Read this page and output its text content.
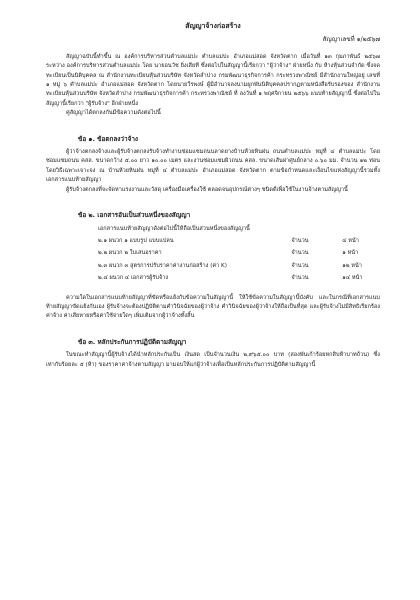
สัญญาจ้างก่อสร้าง
สัญญาเลขที่ ๑/๒๕๖๗

สัญญาฉบับนี้ทำขึ้น ณ องค์การบริหารส่วนตำบลแม่ปะ ตำบลแม่ปะ อำเภอแม่สอด จังหวัดตาก เมื่อวันที่ ๑๓ กุมภาพันธ์ ๒๕๖๗ ระหว่าง องค์การบริหารส่วนตำบลแม่ปะ โดย นายอนวัช ยิ่งเสียที ซึ่งต่อไปในสัญญานี้เรียกว่า "ผู้ว่าจ้าง" ฝ่ายหนึ่ง กับ ห้างหุ้นส่วนจำกัด ซึ่งจดทะเบียนเป็นนิติบุคคล ณ สำนักงานทะเบียนหุ้นส่วนบริษัท จังหวัดลำปาง กรมพัฒนาธุรกิจการค้า กระทรวงพาณิชย์ มีสำนักงานใหญ่อยู่ เลขที่ ๑ หมู่ ๖ ตำบลแม่ปะ อำเภอแม่สอด จังหวัดตาก โดยนายวีรพงษ์ ผู้มีอำนาจลงนามผูกพันนิติบุคคลปรากฏตามหนังสือรับรองของ สำนักงานทะเบียนหุ้นส่วนบริษัท จังหวัดลำปาง กรมพัฒนาธุรกิจการค้า กระทรวงพาณิชย์ ที่ ลงวันที่ ๑ พฤศจิกายน ๒๕๖๖ แนบท้ายสัญญานี้ ซึ่งต่อไปในสัญญานี้เรียกว่า "ผู้รับจ้าง" อีกฝ่ายหนึ่ง

คู่สัญญาได้ตกลงกันมีข้อความดังต่อไปนี้

ข้อ ๑. ข้อตกลงว่าจ้าง

ผู้ว่าจ้างตกลงจ้างและผู้รับจ้างตกลงรับจ้างทำงานซ่อมแซมถนนลาดยางบ้านห้วยหินฝน ถนนตำบลแม่ปะ หมู่ที่ ๔ ตำบลแม่ปะ โดยซ่อมแซมถนน คสล. ขนาดกว้าง ๕.๐๐ ยาว ๑๐.๐๐ เมตร และงานซ่อมแซมผิวถนน คสล. ขนาดเส้นผ่าศูนย์กลาง ๐.๖๐ มม. จำนวน ๑๒ ท่อน โดยวิธีเฉพาะเจาะจง ณ บ้านห้วยหินฝน หมู่ที่ ๔ ตำบลแม่ปะ อำเภอแม่สอด จังหวัดตาก ตามข้อกำหนดและเงื่อนไขแห่งสัญญานี้รวมทั้งเอกสารแนบท้ายสัญญา

ผู้รับจ้างตกลงที่จะจัดหาแรงงานและวัสดุ เครื่องมือเครื่องใช้ ตลอดจนอุปกรณ์ต่างๆ ชนิดดีเพื่อใช้ในงานจ้างตามสัญญานี้

ข้อ ๒. เอกสารอันเป็นส่วนหนึ่งของสัญญา
เอกสารแนบท้ายสัญญาดังต่อไปนี้ให้ถือเป็นส่วนหนึ่งของสัญญานี้
๒.๑ ผนวก ๑ แบบรูป แบบแปลน	จำนวน	๔ หน้า
๒.๒ ผนวก ๒ ใบเสนอราคา	จำนวน	๑ หน้า
๒.๓ ผนวก ๓ สูตรการปรับราคาค่างานก่อสร้าง (ค่า K)	จำนวน	๑๒ หน้า
๒.๔ ผนวก ๔ เอกสารผู้รับจ้าง	จำนวน	๑๔ หน้า

ความใดในเอกสารแนบท้ายสัญญาที่ขัดหรือแย้งกับข้อความในสัญญานี้ ให้ใช้ข้อความในสัญญานี้บังคับ และในกรณีที่เอกสารแนบท้ายสัญญาขัดแย้งกันเอง ผู้รับจ้างจะต้องปฏิบัติตามคำวินิจฉัยของผู้ว่าจ้าง คำวินิจฉัยของผู้ว่าจ้างให้ถือเป็นที่สุด และผู้รับจ้างไม่มีสิทธิเรียกร้องค่าจ้าง ค่าเสียหายหรือค่าใช้จ่ายใดๆ เพิ่มเติมจากผู้ว่าจ้างทั้งสิ้น

ข้อ ๓. หลักประกันการปฏิบัติตามสัญญา

ในขณะทำสัญญานี้ผู้รับจ้างได้นำหลักประกันเป็น เงินสด เป็นจำนวนเงิน ๒,๙๖๕.๐๐ บาท (สองพันเก้าร้อยหกสิบห้าบาทถ้วน) ซึ่งเท่ากับร้อยละ ๕ (ห้า) ของราคาค่าจ้างตามสัญญา มามอบให้แก่ผู้ว่าจ้างเพื่อเป็นหลักประกันการปฏิบัติตามสัญญานี้
